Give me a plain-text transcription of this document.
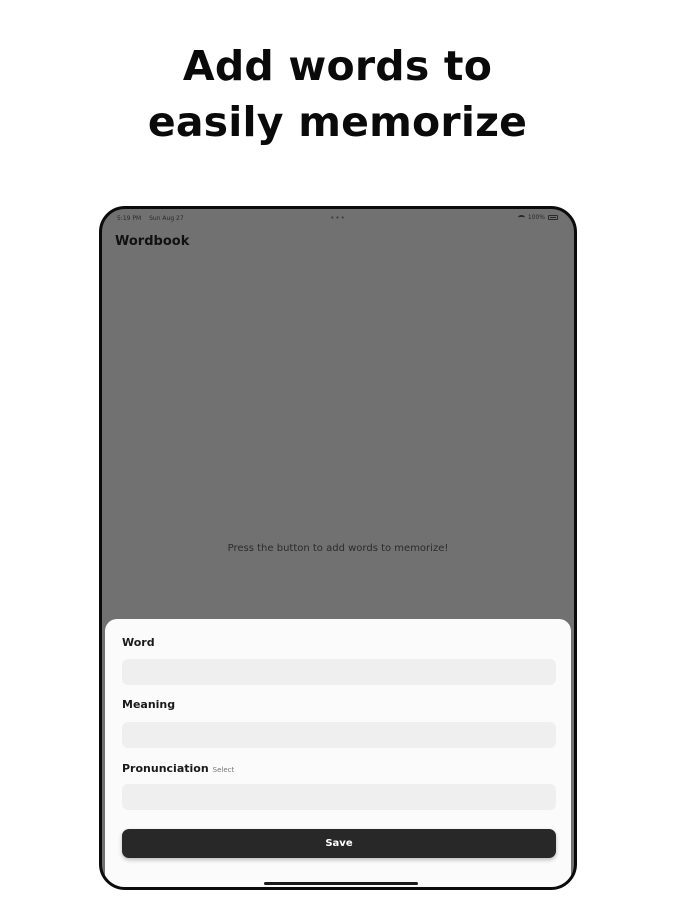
Add words to
easily memorize
5:19 PM Sun Aug 27	•••	100%
Wordbook
Press the button to add words to memorize!
Word
Meaning
Pronunciation Select
Save
